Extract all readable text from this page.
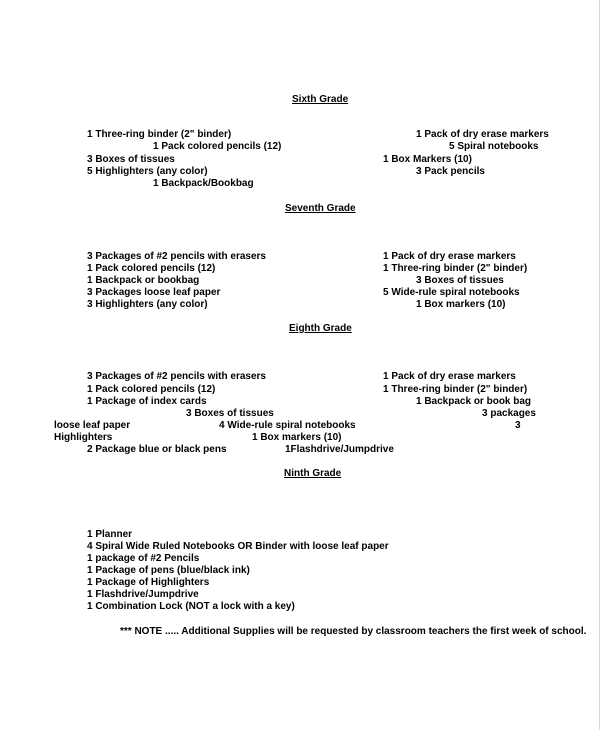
Sixth Grade
1 Three-ring binder (2" binder)
1 Pack colored pencils (12)
3 Boxes of tissues
5 Highlighters (any color)
1 Backpack/Bookbag
1 Pack of dry erase markers
5 Spiral notebooks
1 Box Markers (10)
3 Pack pencils
Seventh Grade
3 Packages of #2 pencils with erasers
1 Pack colored pencils (12)
1 Backpack or bookbag
3 Packages loose leaf paper
3 Highlighters (any color)
1 Pack of dry erase markers
1 Three-ring binder (2" binder)
3 Boxes of tissues
5 Wide-rule spiral notebooks
1 Box markers (10)
Eighth Grade
3 Packages of #2 pencils with erasers	1 Pack of dry erase markers
1 Pack colored pencils (12)	1 Three-ring binder (2" binder)
1 Package of index cards	1 Backpack or book bag
3 Boxes of tissues	3 packages
loose leaf paper	4 Wide-rule spiral notebooks	3
Highlighters	1 Box markers (10)
2 Package blue or black pens	1Flashdrive/Jumpdrive
Ninth Grade
1 Planner
4 Spiral Wide Ruled Notebooks OR Binder with loose leaf paper
1 package of #2 Pencils
1 Package of pens (blue/black ink)
1 Package of Highlighters
1 Flashdrive/Jumpdrive
1 Combination Lock (NOT a lock with a key)
*** NOTE ..... Additional Supplies will be requested by classroom teachers the first week of school.
